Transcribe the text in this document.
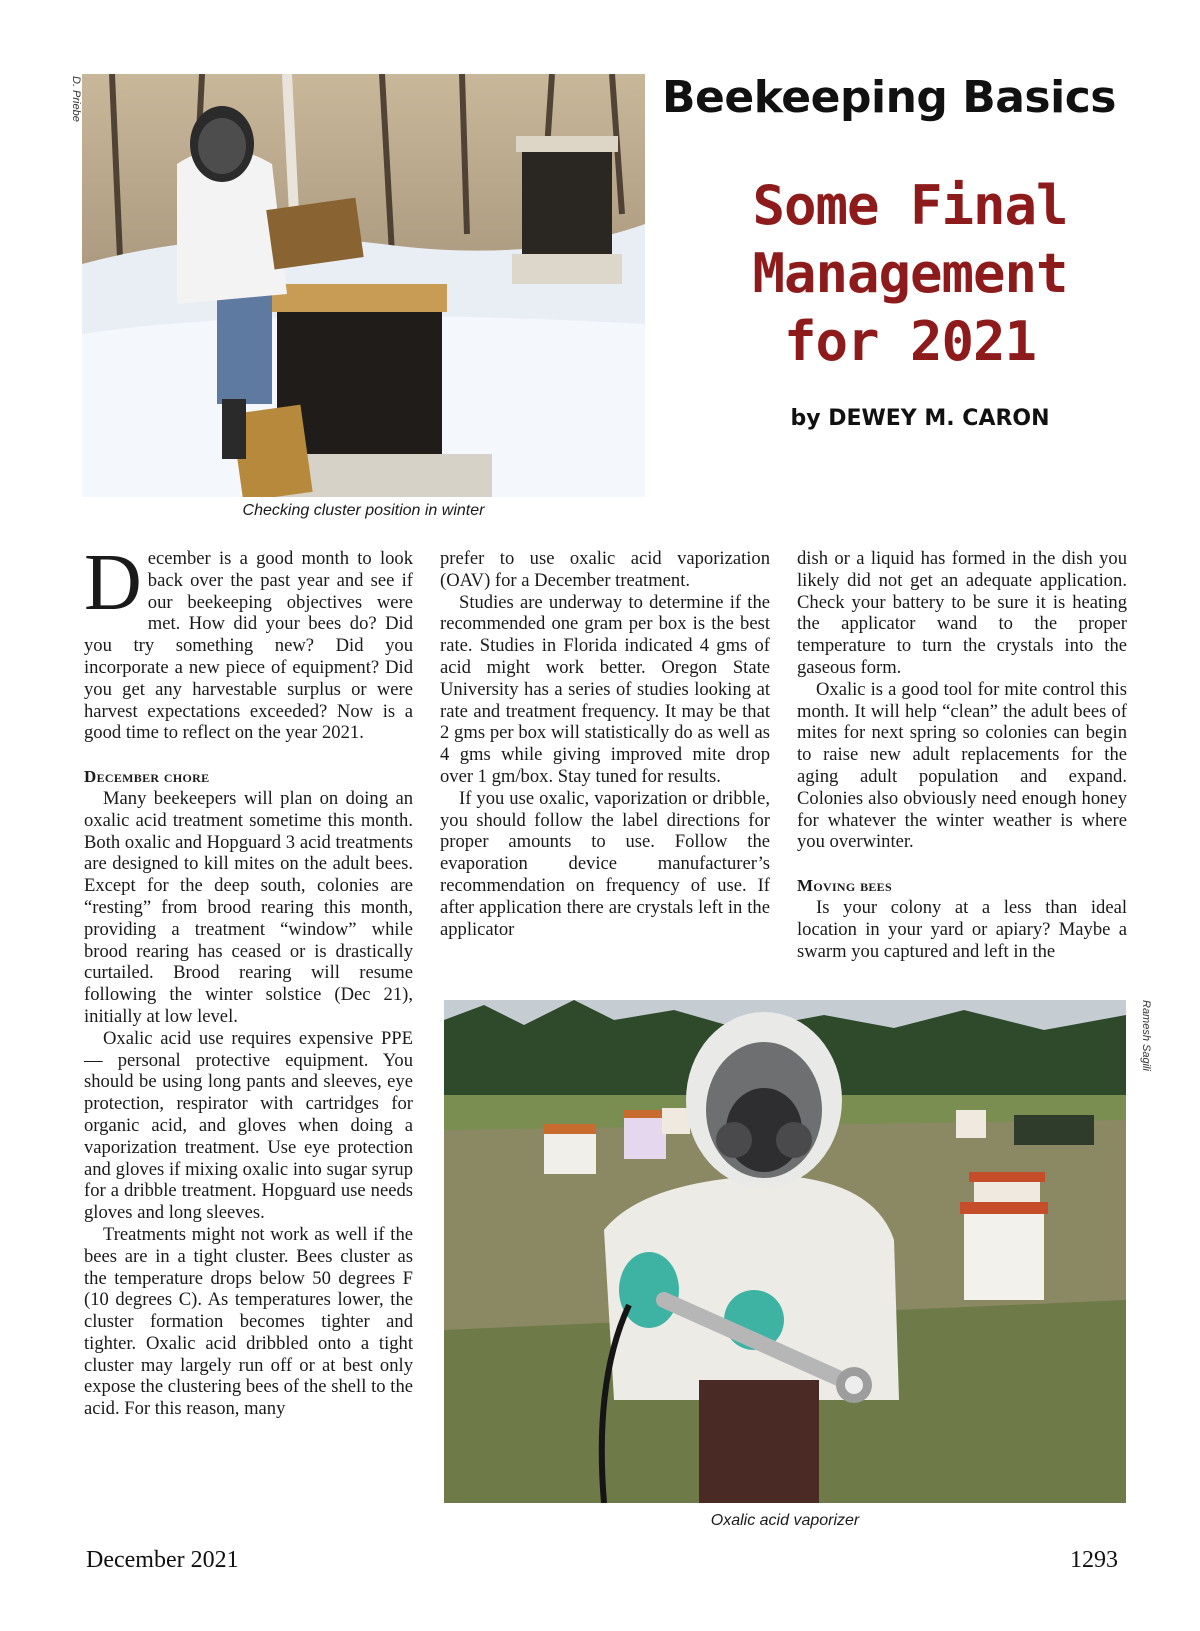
D. Priebe
Checking cluster position in winter
Beekeeping Basics
Some Final
Management
for 2021
by DEWEY M. CARON

December is a good month to look back over the past year and see if our beekeeping objectives were met. How did your bees do? Did you try something new? Did you incorporate a new piece of equipment? Did you get any harvestable surplus or were harvest expectations exceeded? Now is a good time to reflect on the year 2021.

December chore

Many beekeepers will plan on doing an oxalic acid treatment sometime this month. Both oxalic and Hopguard 3 acid treatments are designed to kill mites on the adult bees. Except for the deep south, colonies are “resting” from brood rearing this month, providing a treatment “window” while brood rearing has ceased or is drastically curtailed. Brood rearing will resume following the winter solstice (Dec 21), initially at low level.

Oxalic acid use requires expensive PPE — personal protective equipment. You should be using long pants and sleeves, eye protection, respirator with cartridges for organic acid, and gloves when doing a vaporization treatment. Use eye protection and gloves if mixing oxalic into sugar syrup for a dribble treatment. Hopguard use needs gloves and long sleeves.

Treatments might not work as well if the bees are in a tight cluster. Bees cluster as the temperature drops below 50 degrees F (10 degrees C). As temperatures lower, the cluster formation becomes tighter and tighter. Oxalic acid dribbled onto a tight cluster may largely run off or at best only expose the clustering bees of the shell to the acid. For this reason, many

prefer to use oxalic acid vaporization (OAV) for a December treatment.

Studies are underway to determine if the recommended one gram per box is the best rate. Studies in Florida indicated 4 gms of acid might work better. Oregon State University has a series of studies looking at rate and treatment frequency. It may be that 2 gms per box will statistically do as well as 4 gms while giving improved mite drop over 1 gm/box. Stay tuned for results.

If you use oxalic, vaporization or dribble, you should follow the label directions for proper amounts to use. Follow the evaporation device manufacturer’s recommendation on frequency of use. If after application there are crystals left in the applicator

dish or a liquid has formed in the dish you likely did not get an adequate application. Check your battery to be sure it is heating the applicator wand to the proper temperature to turn the crystals into the gaseous form.

Oxalic is a good tool for mite control this month. It will help “clean” the adult bees of mites for next spring so colonies can begin to raise new adult replacements for the aging adult population and expand. Colonies also obviously need enough honey for whatever the winter weather is where you overwinter.

Moving bees

Is your colony at a less than ideal location in your yard or apiary? Maybe a swarm you captured and left in the

Ramesh Sagili
Oxalic acid vaporizer
December 2021	1293
